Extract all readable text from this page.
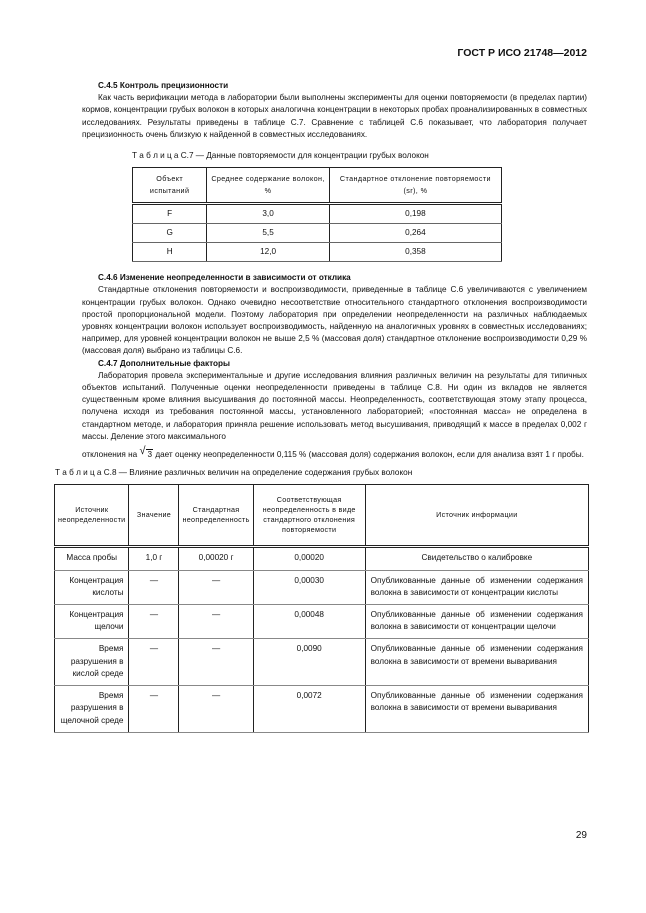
ГОСТ Р ИСО 21748—2012

С.4.5 Контроль прецизионности

Как часть верификации метода в лаборатории были выполнены эксперименты для оценки повторяемости (в пределах партии) кормов, концентрации грубых волокон в которых аналогична концентрации в некоторых пробах проанализированных в совместных исследованиях. Результаты приведены в таблице С.7. Сравнение с таблицей С.6 показывает, что лаборатория получает прецизионность очень близкую к найденной в совместных исследованиях.

Т а б л и ц а С.7 — Данные повторяемости для концентрации грубых волокон
Объект испытаний	Среднее содержание волокон, %	Стандартное отклонение повторяемости (sr), %
F	3,0	0,198
G	5,5	0,264
H	12,0	0,358

С.4.6 Изменение неопределенности в зависимости от отклика

Стандартные отклонения повторяемости и воспроизводимости, приведенные в таблице С.6 увеличиваются с увеличением концентрации грубых волокон. Однако очевидно несоответствие относительного стандартного отклонения воспроизводимости простой пропорциональной модели. Поэтому лаборатория при определении неопределенности на различных наблюдаемых уровнях концентрации волокон использует воспроизводимость, найденную на аналогичных уровнях в совместных исследованиях; например, для уровней концентрации волокон не выше 2,5 % (массовая доля) стандартное отклонение воспроизводимости 0,29 % (массовая доля) выбрано из таблицы С.6.

С.4.7 Дополнительные факторы

Лаборатория провела экспериментальные и другие исследования влияния различных величин на результаты для типичных объектов испытаний. Полученные оценки неопределенности приведены в таблице С.8. Ни один из вкладов не является существенным кроме влияния высушивания до постоянной массы. Неопределенность, соответствующая этому этапу процесса, получена исходя из требования постоянной массы, установленного лабораторией; «постоянная масса» не определена в стандартном методе, и лаборатория приняла решение использовать метод высушивания, приводящий к массе в пределах 0,002 г массы. Деление этого максимального

отклонения на √ 3 дает оценку неопределенности 0,115 % (массовая доля) содержания волокон, если для анализа взят 1 г пробы.

Т а б л и ц а С.8 — Влияние различных величин на определение содержания грубых волокон
Источник неопределенности	Значение	Стандартная неопределенность	Соответствующая неопределенность в виде стандартного отклонения повторяемости	Источник информации
Масса пробы	1,0 г	0,00020 г	0,00020	Свидетельство о калибровке
Концентрация кислоты	—	—	0,00030	Опубликованные данные об изменении содержания волокна в зависимости от концентрации кислоты
Концентрация щелочи	—	—	0,00048	Опубликованные данные об изменении содержания волокна в зависимости от концентрации щелочи
Время разрушения в кислой среде	—	—	0,0090	Опубликованные данные об изменении содержания волокна в зависимости от времени вываривания
Время разрушения в щелочной среде	—	—	0,0072	Опубликованные данные об изменении содержания волокна в зависимости от времени вываривания
29
